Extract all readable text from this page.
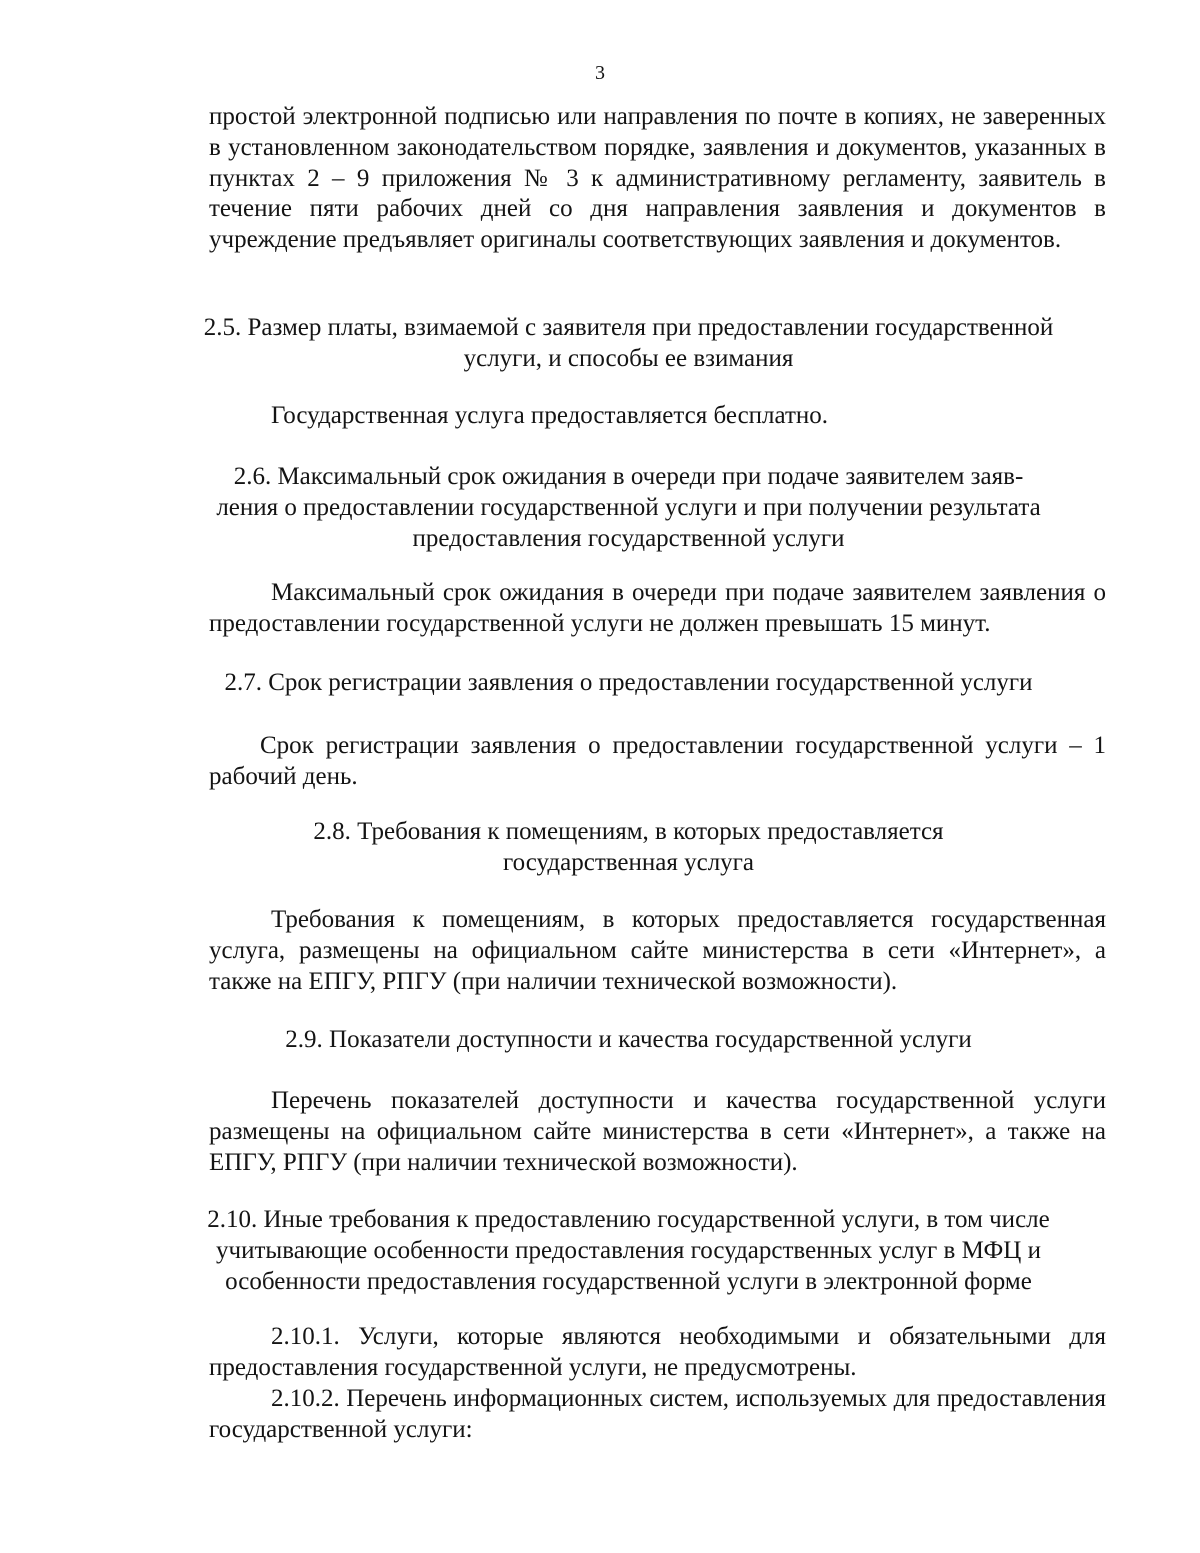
3

простой электронной подписью или направления по почте в копиях, не заверенных в установленном законодательством порядке, заявления и документов, указанных в пунктах 2 – 9 приложения № 3 к административному регламенту, заявитель в течение пяти рабочих дней со дня направления заявления и документов в учреждение предъявляет оригиналы соответствующих заявления и документов.

2.5. Размер платы, взимаемой с заявителя при предоставлении государственной
услуги, и способы ее взимания

Государственная услуга предоставляется бесплатно.

2.6. Максимальный срок ожидания в очереди при подаче заявителем заяв-
ления о предоставлении государственной услуги и при получении результата
предоставления государственной услуги

Максимальный срок ожидания в очереди при подаче заявителем заявления о предоставлении государственной услуги не должен превышать 15 минут.

2.7. Срок регистрации заявления о предоставлении государственной услуги

Срок регистрации заявления о предоставлении государственной услуги – 1 рабочий день.

2.8. Требования к помещениям, в которых предоставляется
государственная услуга

Требования к помещениям, в которых предоставляется государственная услуга, размещены на официальном сайте министерства в сети «Интернет», а также на ЕПГУ, РПГУ (при наличии технической возможности).

2.9. Показатели доступности и качества государственной услуги

Перечень показателей доступности и качества государственной услуги размещены на официальном сайте министерства в сети «Интернет», а также на ЕПГУ, РПГУ (при наличии технической возможности).

2.10. Иные требования к предоставлению государственной услуги, в том числе
учитывающие особенности предоставления государственных услуг в МФЦ и
особенности предоставления государственной услуги в электронной форме

2.10.1. Услуги, которые являются необходимыми и обязательными для предоставления государственной услуги, не предусмотрены.

2.10.2. Перечень информационных систем, используемых для предоставления государственной услуги:
